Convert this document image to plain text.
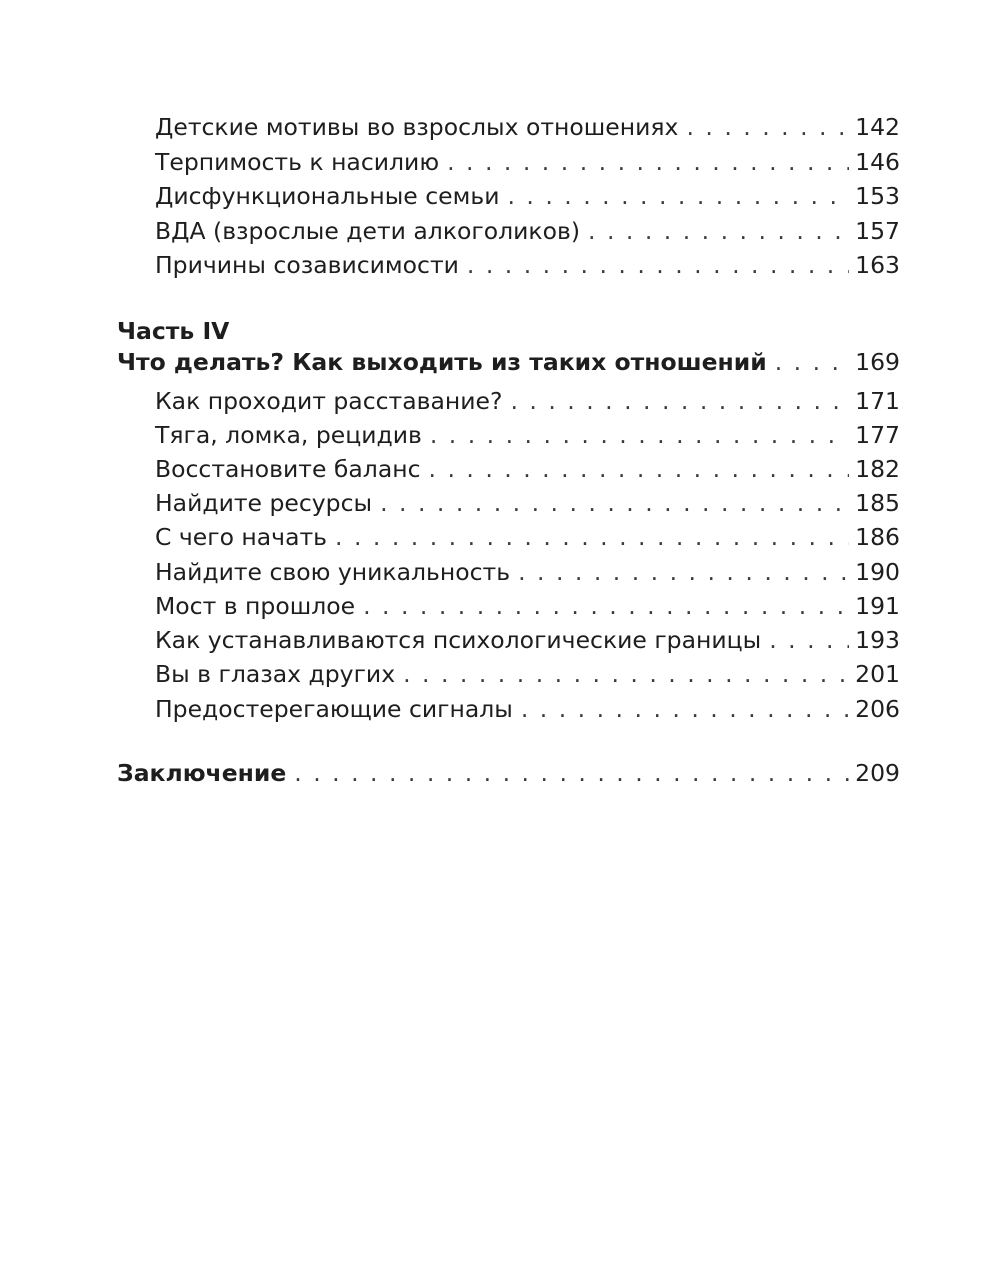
Детские мотивы во взрослых отношениях . . .	142
Терпимость к насилию . . .	146
Дисфункциональные семьи . . .	153
ВДА (взрослые дети алкоголиков) . . .	157
Причины созависимости . . .	163
Часть IV
Что делать? Как выходить из таких отношений . . .	169
Как проходит расставание? . . .	171
Тяга, ломка, рецидив . . .	177
Восстановите баланс . . .	182
Найдите ресурсы . . .	185
С чего начать . . .	186
Найдите свою уникальность . . .	190
Мост в прошлое . . .	191
Как устанавливаются психологические границы . . .	193
Вы в глазах других . . .	201
Предостерегающие сигналы . . .	206
Заключение . . .	209
